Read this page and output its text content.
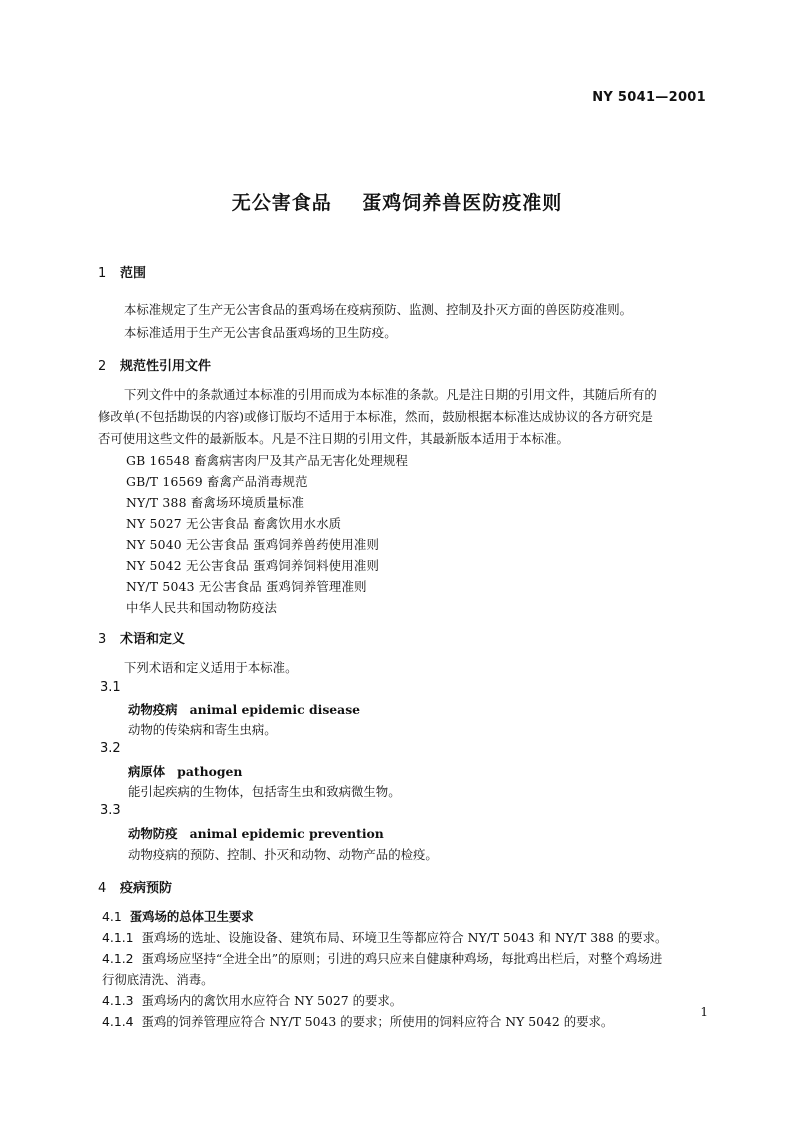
NY 5041—2001
无公害食品    蛋鸡饲养兽医防疫准则
1 范围
本标准规定了生产无公害食品的蛋鸡场在疫病预防、监测、控制及扑灭方面的兽医防疫准则。
本标准适用于生产无公害食品蛋鸡场的卫生防疫。
2 规范性引用文件
下列文件中的条款通过本标准的引用而成为本标准的条款。凡是注日期的引用文件，其随后所有的
修改单(不包括勘误的内容)或修订版均不适用于本标准，然而，鼓励根据本标准达成协议的各方研究是
否可使用这些文件的最新版本。凡是不注日期的引用文件，其最新版本适用于本标准。
GB 16548 畜禽病害肉尸及其产品无害化处理规程
GB/T 16569 畜禽产品消毒规范
NY/T 388 畜禽场环境质量标准
NY 5027 无公害食品 畜禽饮用水水质
NY 5040 无公害食品 蛋鸡饲养兽药使用准则
NY 5042 无公害食品 蛋鸡饲养饲料使用准则
NY/T 5043 无公害食品 蛋鸡饲养管理准则
中华人民共和国动物防疫法
3 术语和定义
下列术语和定义适用于本标准。
3.1
动物疫病 animal epidemic disease
动物的传染病和寄生虫病。
3.2
病原体 pathogen
能引起疾病的生物体，包括寄生虫和致病微生物。
3.3
动物防疫 animal epidemic prevention
动物疫病的预防、控制、扑灭和动物、动物产品的检疫。
4 疫病预防
4.1 蛋鸡场的总体卫生要求
4.1.1 蛋鸡场的选址、设施设备、建筑布局、环境卫生等都应符合 NY/T 5043 和 NY/T 388 的要求。
4.1.2 蛋鸡场应坚持“全进全出”的原则；引进的鸡只应来自健康种鸡场，每批鸡出栏后，对整个鸡场进
行彻底清洗、消毒。
4.1.3 蛋鸡场内的禽饮用水应符合 NY 5027 的要求。
4.1.4 蛋鸡的饲养管理应符合 NY/T 5043 的要求；所使用的饲料应符合 NY 5042 的要求。
1
